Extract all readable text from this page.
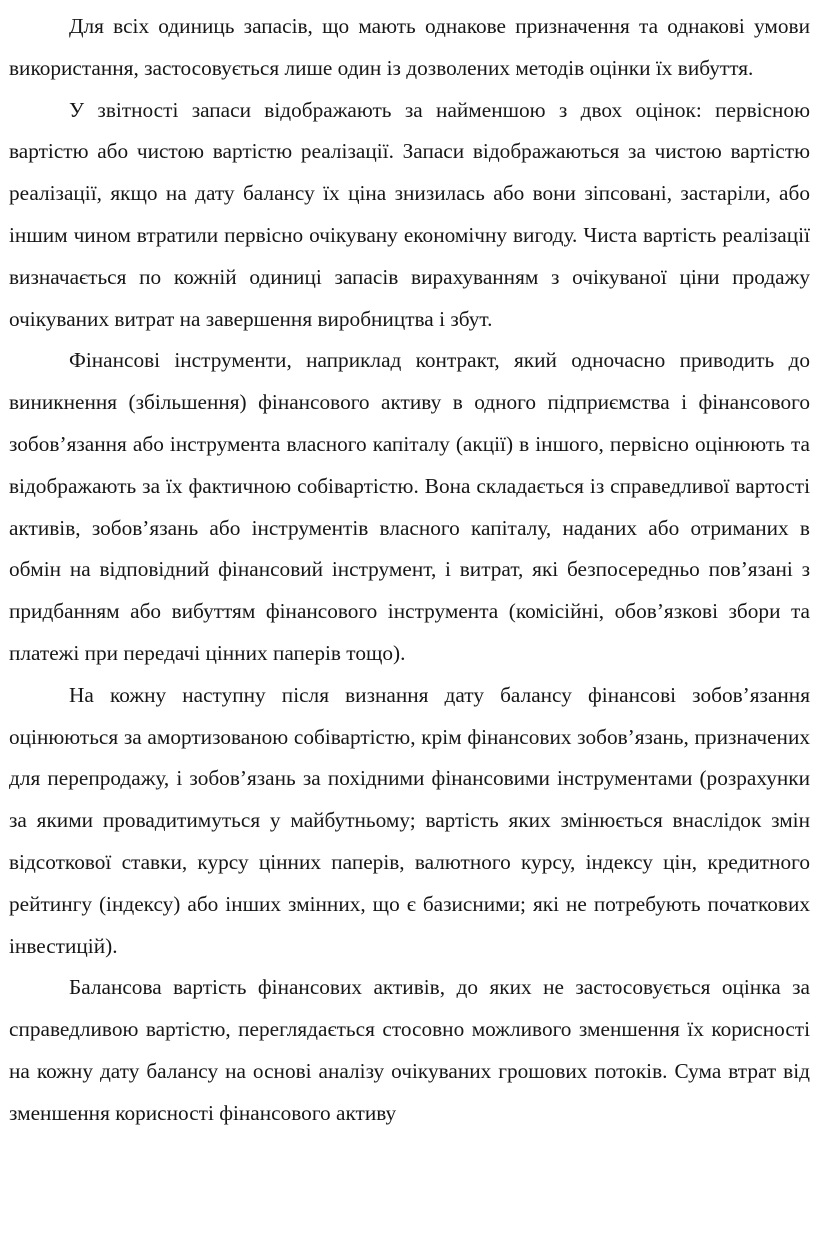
Для всіх одиниць запасів, що мають однакове призначення та однакові умови використання, застосовується лише один із дозволених методів оцінки їх вибуття.

У звітності запаси відображають за найменшою з двох оцінок: первісною вартістю або чистою вартістю реалізації. Запаси відображаються за чистою вартістю реалізації, якщо на дату балансу їх ціна знизилась або вони зіпсовані, застаріли, або іншим чином втратили первісно очікувану економічну вигоду. Чиста вартість реалізації визначається по кожній одиниці запасів вирахуванням з очікуваної ціни продажу очікуваних витрат на завершення виробництва і збут.

Фінансові інструменти, наприклад контракт, який одночасно приводить до виникнення (збільшення) фінансового активу в одного підприємства і фінансового зобов’язання або інструмента власного капіталу (акції) в іншого, первісно оцінюють та відображають за їх фактичною собівартістю. Вона складається із справедливої вартості активів, зобов’язань або інструментів власного капіталу, наданих або отриманих в обмін на відповідний фінансовий інструмент, і витрат, які безпосередньо пов’язані з придбанням або вибуттям фінансового інструмента (комісійні, обов’язкові збори та платежі при передачі цінних паперів тощо).

На кожну наступну після визнання дату балансу фінансові зобов’язання оцінюються за амортизованою собівартістю, крім фінансових зобов’язань, призначених для перепродажу, і зобов’язань за похідними фінансовими інструментами (розрахунки за якими провадитимуться у майбутньому; вартість яких змінюється внаслідок змін відсоткової ставки, курсу цінних паперів, валютного курсу, індексу цін, кредитного рейтингу (індексу) або інших змінних, що є базисними; які не потребують початкових інвестицій).

Балансова вартість фінансових активів, до яких не застосовується оцінка за справедливою вартістю, переглядається стосовно можливого зменшення їх корисності на кожну дату балансу на основі аналізу очікуваних грошових потоків. Сума втрат від зменшення корисності фінансового активу
